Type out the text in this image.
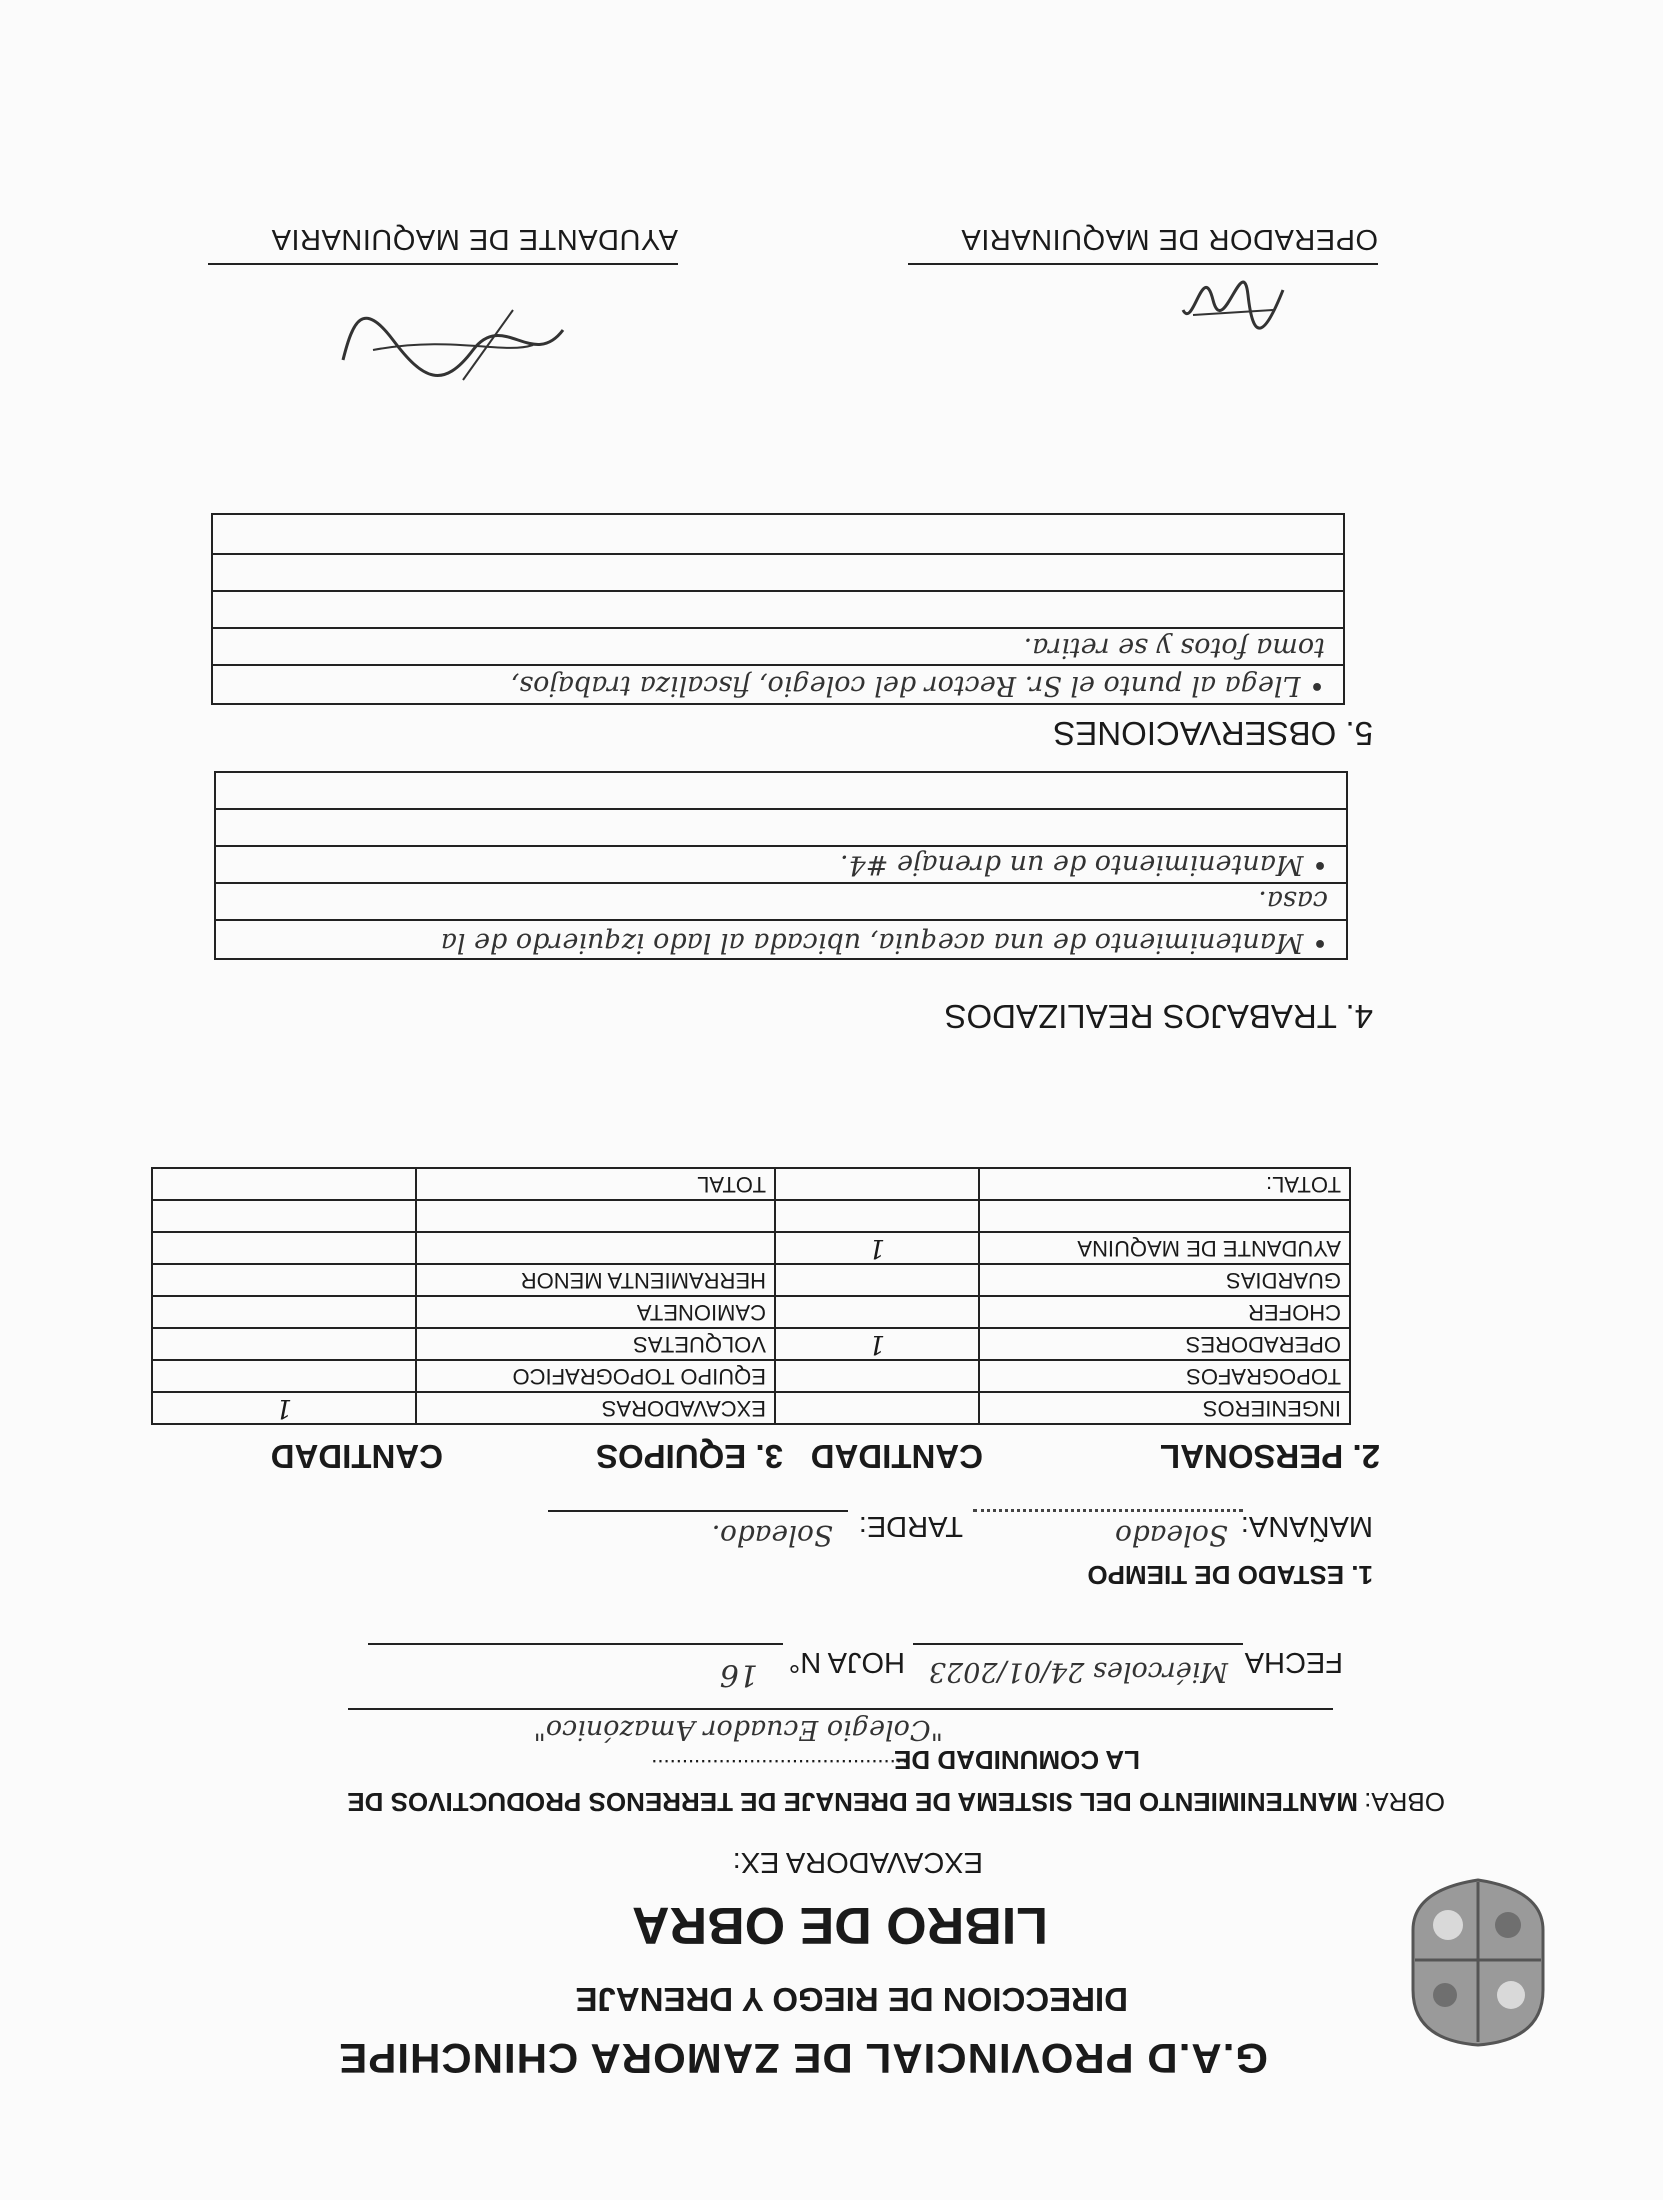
G.A.D PROVINCIAL DE ZAMORA CHINCHIPE
DIRECCION DE RIEGO Y DRENAJE
LIBRO DE OBRA
EXCAVADORA EX:
OBRA:
MANTENIMIENTO DEL SISTEMA DE DRENAJE DE TERRENOS PRODUCTIVOS DE
LA COMUNIDAD DE
..........................................
"Colegio Ecuador Amazónico"
FECHA
Miércoles 24/01/2023
HOJA N°
16
1. ESTADO DE TIEMPO
MAÑANA:
Soleado
TARDE:
Soleado.
2. PERSONAL
CANTIDAD
3. EQUIPOS
CANTIDAD
INGENIEROS		EXCAVADORAS	1
TOPOGRAFOS		EQUIPO TOPOGRAFICO	
OPERADORES	1	VOLQUETAS	
CHOFER		CAMIONETA	
GUARDIAS		HERRAMIENTA MENOR	
AYUDANTE DE MAQUINA	1		

TOTAL:		TOTAL	
4. TRABAJOS REALIZADOS
• Mantenimiento de una acequia, ubicada al lado izquierdo de la
casa.
• Mantenimiento de un drenaje #4.
5. OBSERVACIONES
• Llega al punto el Sr. Rector del colegio, fiscaliza trabajos,
toma fotos y se retira.
OPERADOR DE MAQUINARIA
AYUDANTE DE MAQUINARIA
